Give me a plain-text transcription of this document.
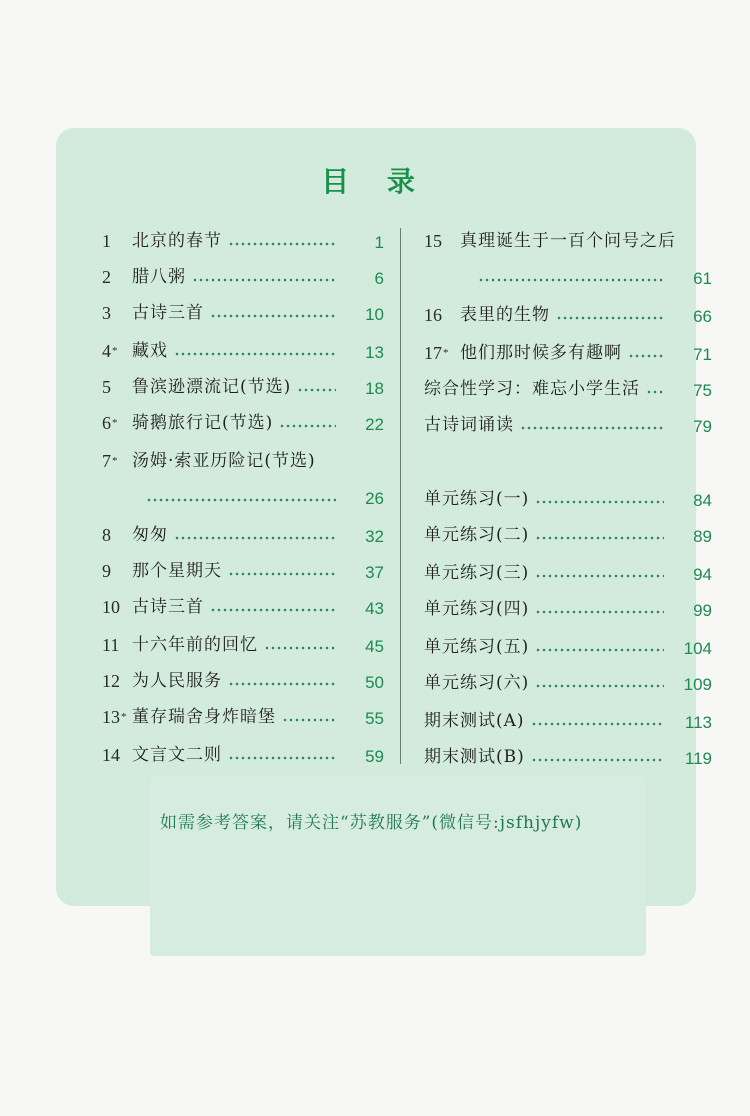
目 录
1 北京的春节	1
2 腊八粥	6
3 古诗三首	10
4* 藏戏	13
5 鲁滨逊漂流记(节选)	18
6* 骑鹅旅行记(节选)	22
7* 汤姆·索亚历险记(节选)
26
8 匆匆	32
9 那个星期天	37
10 古诗三首	43
11 十六年前的回忆	45
12 为人民服务	50
13* 董存瑞舍身炸暗堡	55
14 文言文二则	59
15 真理诞生于一百个问号之后
61
16 表里的生物	66
17* 他们那时候多有趣啊	71
综合性学习：难忘小学生活	75
古诗词诵读	79
单元练习(一)	84
单元练习(二)	89
单元练习(三)	94
单元练习(四)	99
单元练习(五)	104
单元练习(六)	109
期末测试(A)	113
期末测试(B)	119
如需参考答案，请关注“苏教服务”(微信号:jsfhjyfw)
